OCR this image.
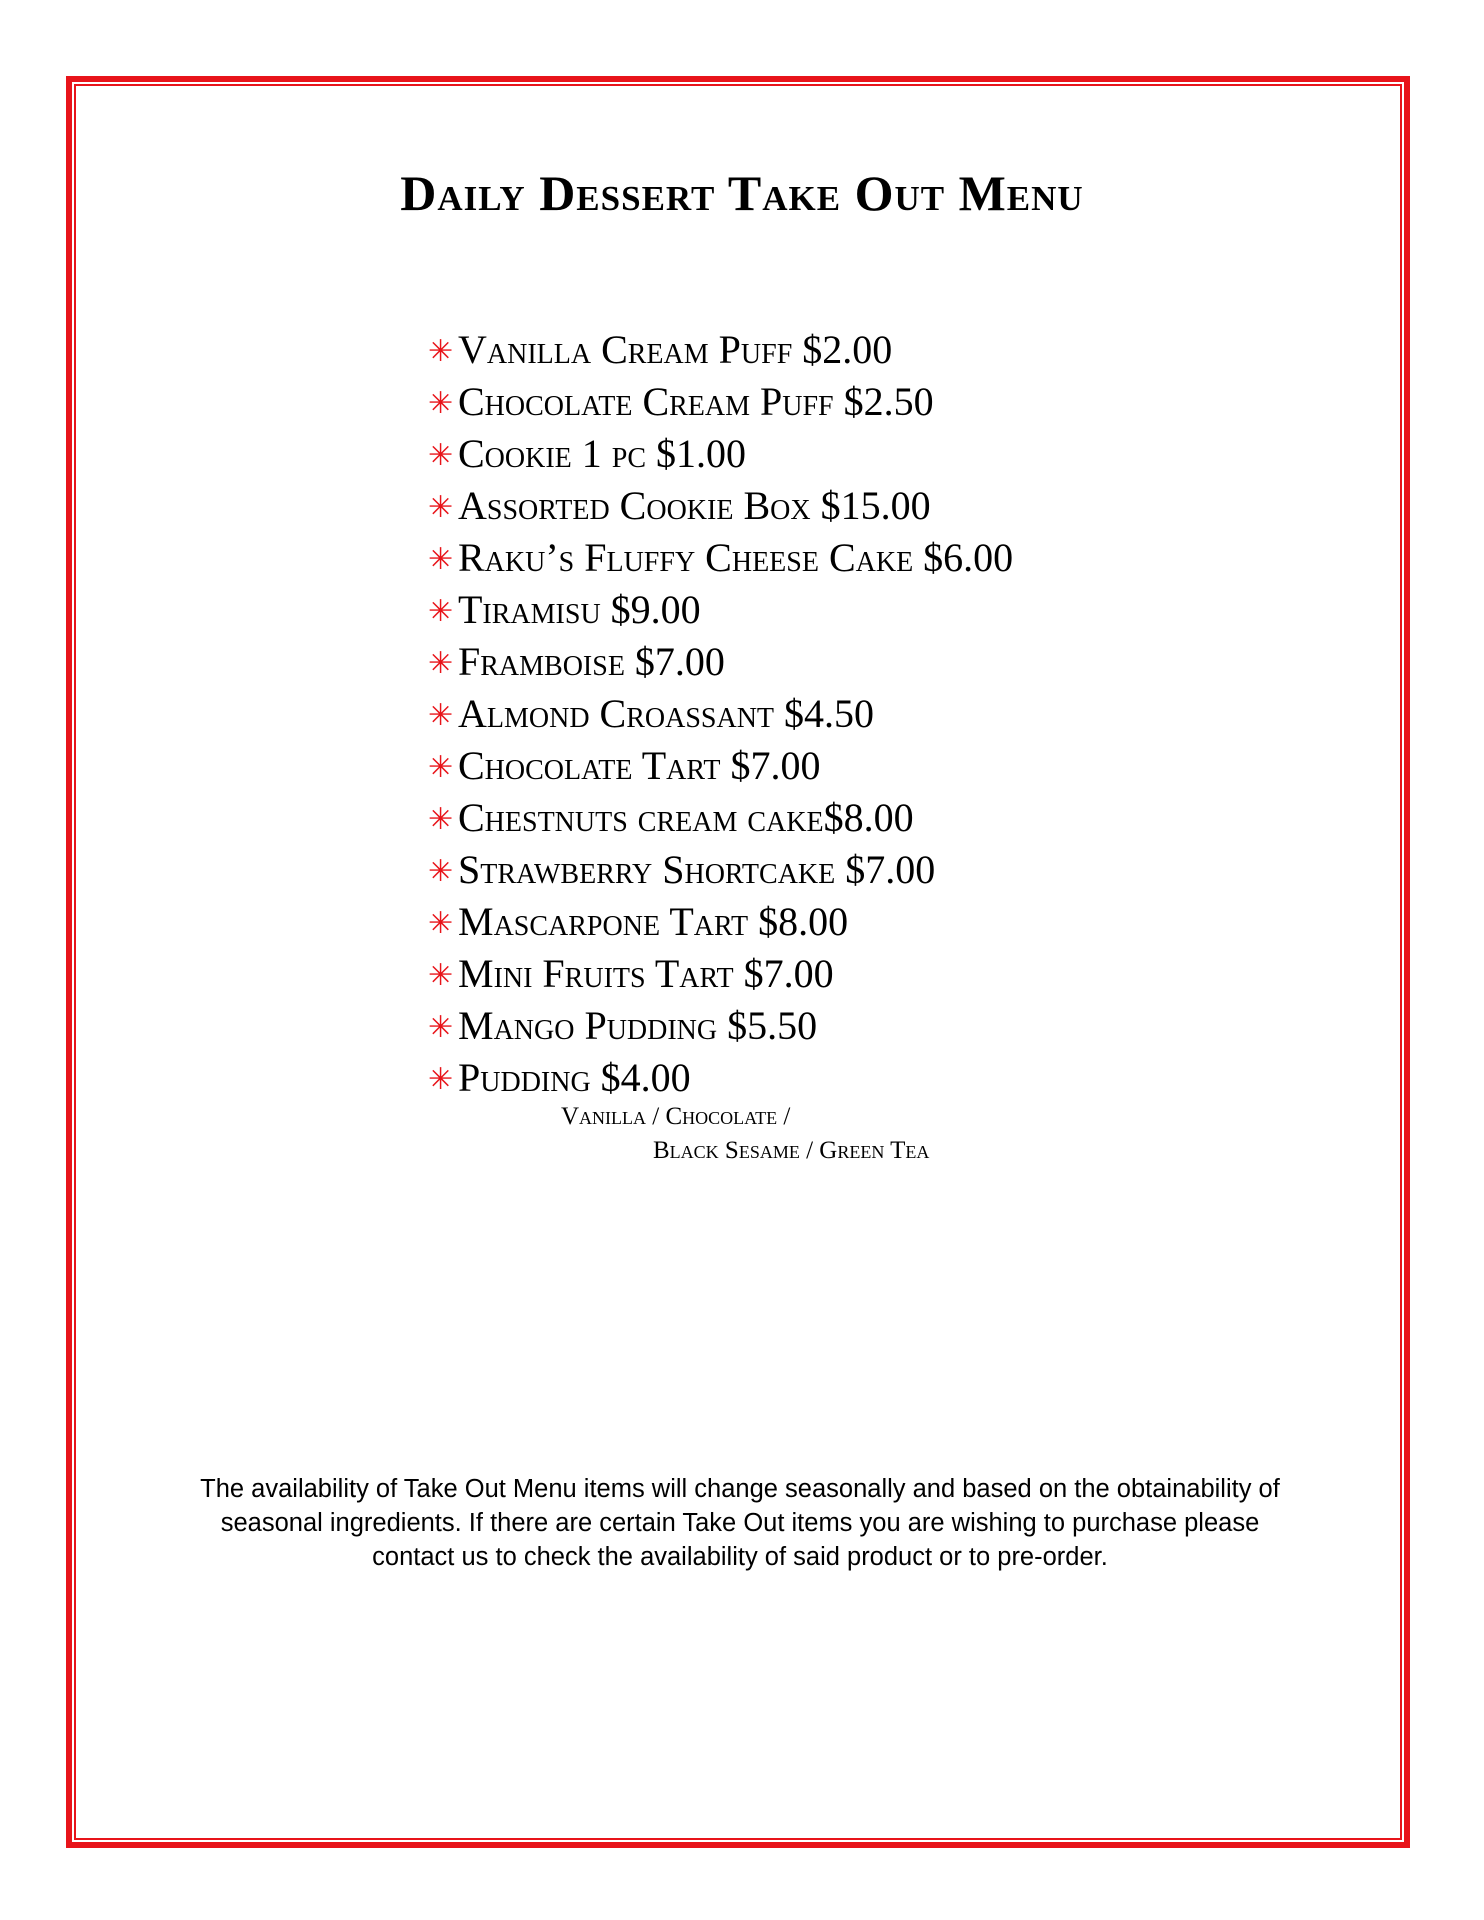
Daily Dessert Take Out Menu
✳ Vanilla Cream Puff $2.00
✳ Chocolate Cream Puff $2.50
✳ Cookie 1 pc $1.00
✳ Assorted Cookie Box $15.00
✳ Raku’s Fluffy Cheese Cake $6.00
✳ Tiramisu $9.00
✳ Framboise $7.00
✳ Almond Croassant $4.50
✳ Chocolate Tart $7.00
✳ Chestnuts cream cake$8.00
✳ Strawberry Shortcake $7.00
✳ Mascarpone Tart $8.00
✳ Mini Fruits Tart $7.00
✳ Mango Pudding $5.50
✳ Pudding $4.00
Vanilla / Chocolate /
Black Sesame / Green Tea

The availability of Take Out Menu items will change seasonally and based on the obtainability of seasonal ingredients. If there are certain Take Out items you are wishing to purchase please contact us to check the availability of said product or to pre-order.
